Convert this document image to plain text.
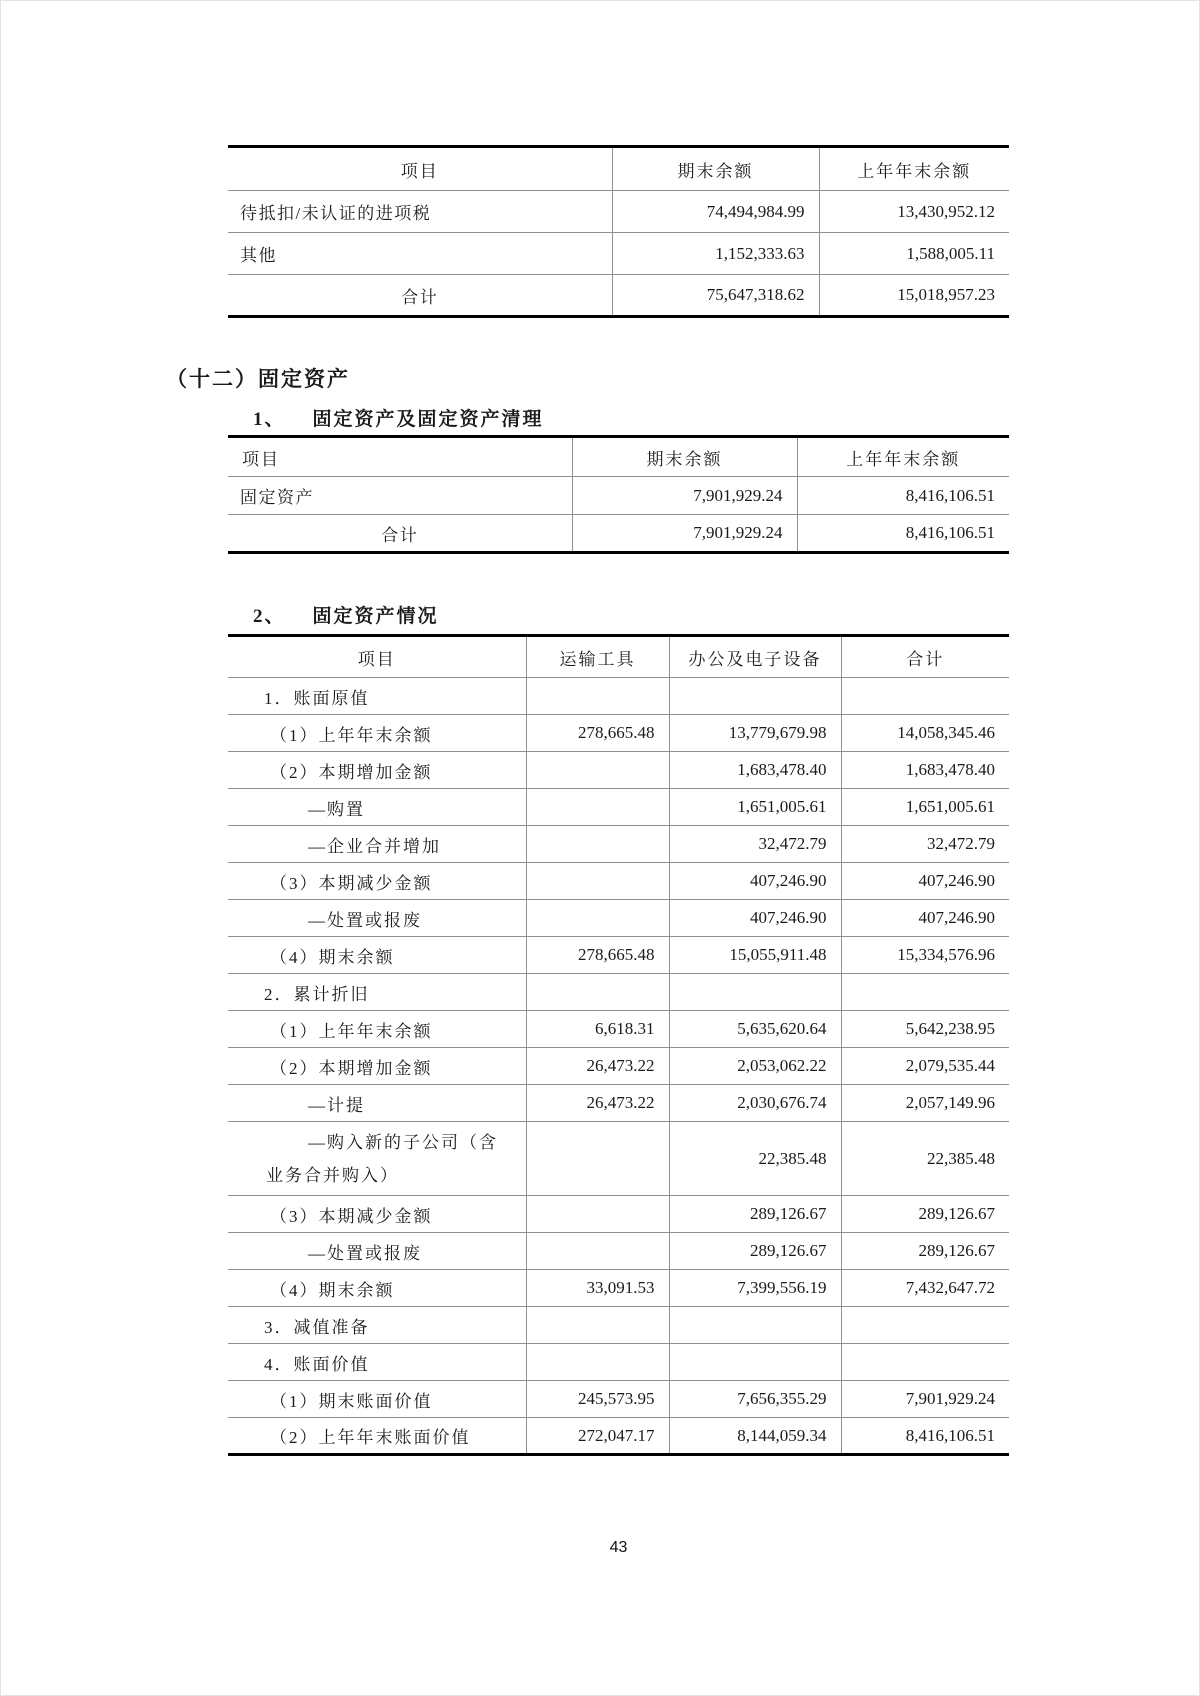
项目	期末余额	上年年末余额
待抵扣/未认证的进项税	74,494,984.99	13,430,952.12
其他	1,152,333.63	1,588,005.11
合计	75,647,318.62	15,018,957.23
（十二）固定资产
1、 固定资产及固定资产清理
项目	期末余额	上年年末余额
固定资产	7,901,929.24	8,416,106.51
合计	7,901,929.24	8,416,106.51
2、 固定资产情况
项目	运输工具	办公及电子设备	合计
1．账面原值			
（1）上年年末余额	278,665.48	13,779,679.98	14,058,345.46
（2）本期增加金额		1,683,478.40	1,683,478.40
—购置		1,651,005.61	1,651,005.61
—企业合并增加		32,472.79	32,472.79
（3）本期减少金额		407,246.90	407,246.90
—处置或报废		407,246.90	407,246.90
（4）期末余额	278,665.48	15,055,911.48	15,334,576.96
2．累计折旧			
（1）上年年末余额	6,618.31	5,635,620.64	5,642,238.95
（2）本期增加金额	26,473.22	2,053,062.22	2,079,535.44
—计提	26,473.22	2,030,676.74	2,057,149.96
—购入新的子公司（含业务合并购入）		22,385.48	22,385.48
（3）本期减少金额		289,126.67	289,126.67
—处置或报废		289,126.67	289,126.67
（4）期末余额	33,091.53	7,399,556.19	7,432,647.72
3．减值准备			
4．账面价值			
（1）期末账面价值	245,573.95	7,656,355.29	7,901,929.24
（2）上年年末账面价值	272,047.17	8,144,059.34	8,416,106.51
43
